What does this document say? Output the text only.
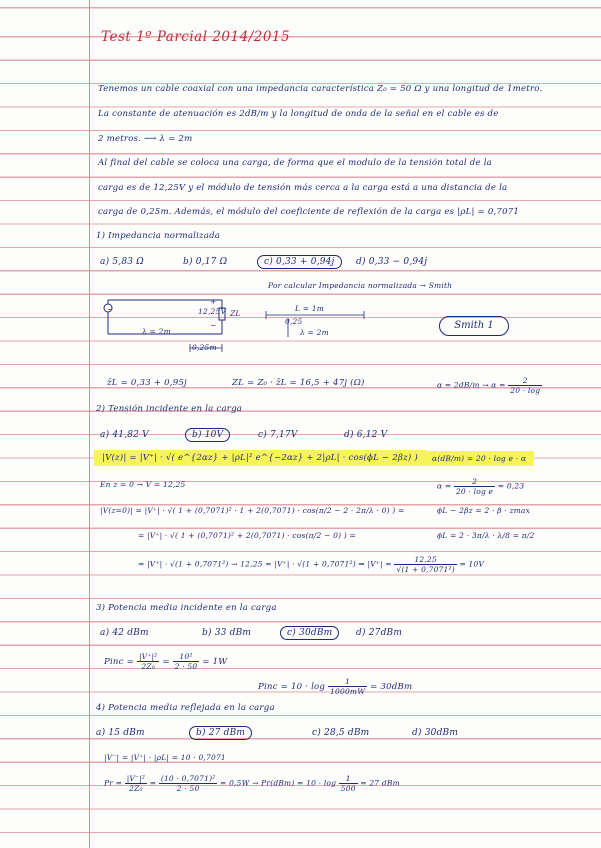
Test 1º Parcial 2014/2015
Tenemos un cable coaxial con una impedancia característica Z₀ = 50 Ω y una longitud de 1metro.
La constante de atenuación es 2dB/m y la longitud de onda de la señal en el cable es de
2 metros. ⟶ λ = 2m
Al final del cable se coloca una carga, de forma que el modulo de la tensión total de la
carga es de 12,25V y el módulo de tensión más cerca a la carga está a una distancia de la
carga de 0,25m. Además, el módulo del coeficiente de reflexión de la carga es |ρL| = 0,7071
1) Impedancia normalizada
a) 5,83 Ω	b) 0,17 Ω	c) 0,33 + 0,94j	d) 0,33 − 0,94j
Por calcular Impedancia normalizada → Smith
~	12,25V ZL
+
−
λ = 2m
0,25m
L = 1m
0,25
λ = 2m
Smith 1
z̄L = 0,33 + 0,95j	ZL = Z₀ · z̄L = 16,5 + 47j (Ω)	$\alpha = 2dB/m \to \alpha = \frac{2}{20 \cdot \log}$
2) Tensión incidente en la carga
a) 41,82 V	b) 10V	c) 7,17V	d) 6,12 V
|V(z)| = |V⁺| · √( e^{2αz} + |ρL|² e^{−2αz} + 2|ρL| · cos(ϕL − 2βz) )	α(dB/m) = 20 · log e · α
En z = 0 → V = 12,25	$\alpha = \frac{2}{\text{20 · log e}} = 0,23$
|V(z=0)| = |V⁺| · √( 1 + (0,7071)² · 1 + 2(0,7071) · cos(π/2 − 2 · 2π/λ · 0) ) =	ϕL − 2βz = 2 · β · zmax
= |V⁺| · √( 1 + (0,7071)² + 2(0,7071) · cos(π/2 − 0) ) =	ϕL = 2 · 3π/λ · λ/8 = π/2
= |V⁺| · √(1 + 0,7071²) → 12,25 = |V⁺| · √(1 + 0,7071²) ⇒ $|V^+| = \frac{12,25}{\text{√(1 + 0,7071²)}} = 10V$
3) Potencia media incidente en la carga
a) 42 dBm	b) 33 dBm	c) 30dBm	d) 27dBm
Pinc = $\frac{\text{|V⁺|²}}{\text{2Z₀}} = \frac{\text{10²}}{2 \cdot 50} = 1W$
Pinc = $10 \cdot \log \frac{1}{1000mW} = 30dBm$
4) Potencia media reflejada en la carga
a) 15 dBm	b) 27 dBm	c) 28,5 dBm	d) 30dBm
|V⁻| = |V⁺| · |ρL| = 10 · 0,7071
$Pr = \frac{\text{|V⁻|²}}{\text{2Z₀}} = \frac{\text{(10 · 0,7071)²}}{2 \cdot 50} = 0,5W \to Pr(dBm) = 10 \cdot \log \frac{1}{500} = 27$ dBm
